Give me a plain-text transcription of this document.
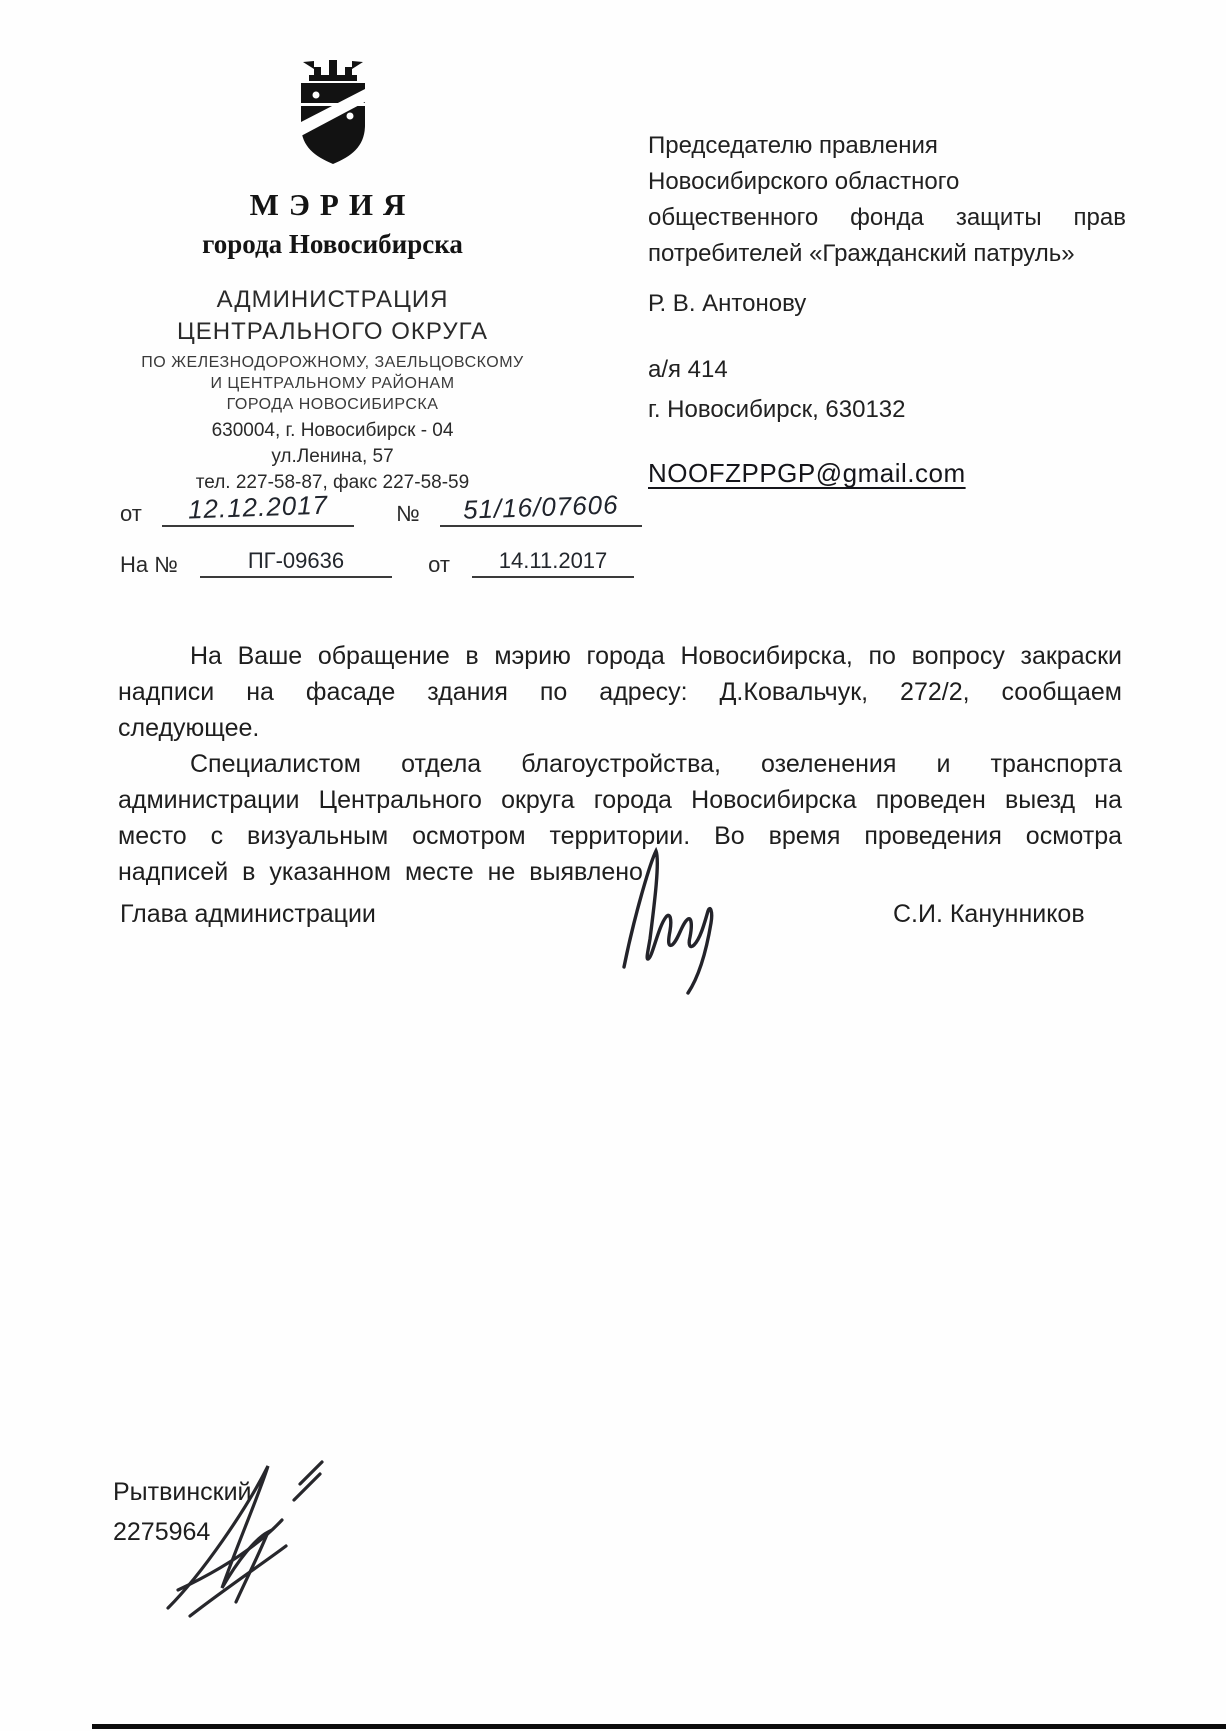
МЭРИЯ
города Новосибирска
АДМИНИСТРАЦИЯ
ЦЕНТРАЛЬНОГО ОКРУГА
ПО ЖЕЛЕЗНОДОРОЖНОМУ, ЗАЕЛЬЦОВСКОМУ
И ЦЕНТРАЛЬНОМУ РАЙОНАМ
ГОРОДА НОВОСИБИРСКА
630004, г. Новосибирск - 04
ул.Ленина, 57
тел. 227-58-87, факс 227-58-59
от 12.12.2017	№ 51/16/07606
На №	ПГ-09636	от 14.11.2017
Председателю правления
Новосибирского областного
общественного фонда защиты прав
потребителей «Гражданский патруль»
Р. В. Антонову
а/я 414
г. Новосибирск, 630132
NOOFZPPGP@gmail.com

На Ваше обращение в мэрию города Новосибирска, по вопросу закраски надписи на фасаде здания по адресу: Д.Ковальчук, 272/2, сообщаем следующее.

Специалистом отдела благоустройства, озеленения и транспорта администрации Центрального округа города Новосибирска проведен выезд на место с визуальным осмотром территории. Во время проведения осмотра надписей в указанном месте не выявлено.

Глава администрации	С.И. Канунников
Рытвинский
2275964
